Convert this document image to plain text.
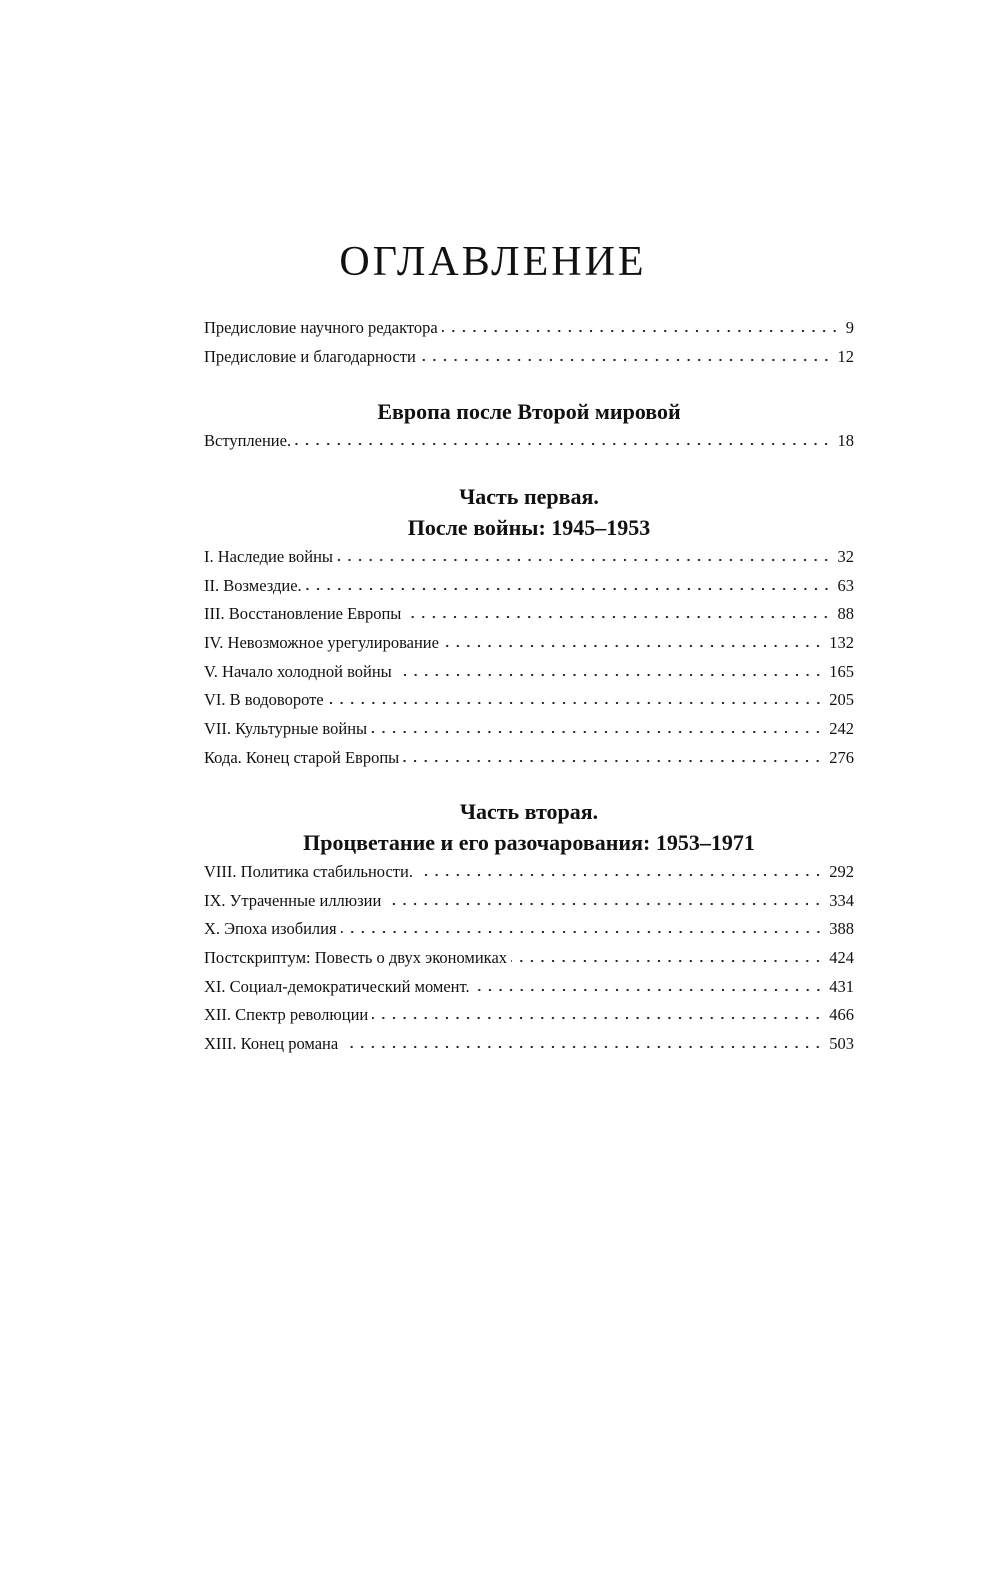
ОГЛАВЛЕНИЕ
Предисловие научного редактора	9
Предисловие и благодарности	12
Европа после Второй мировой
Вступление.	18
Часть первая.
После войны: 1945–1953
I. Наследие войны	32
II. Возмездие.	63
III. Восстановление Европы	88
IV. Невозможное урегулирование	132
V. Начало холодной войны	165
VI. В водовороте	205
VII. Культурные войны	242
Кода. Конец старой Европы	276
Часть вторая.
Процветание и его разочарования: 1953–1971
VIII. Политика стабильности.	292
IX. Утраченные иллюзии	334
X. Эпоха изобилия	388
Постскриптум: Повесть о двух экономиках	424
XI. Социал-демократический момент.	431
XII. Спектр революции	466
XIII. Конец романа	503
